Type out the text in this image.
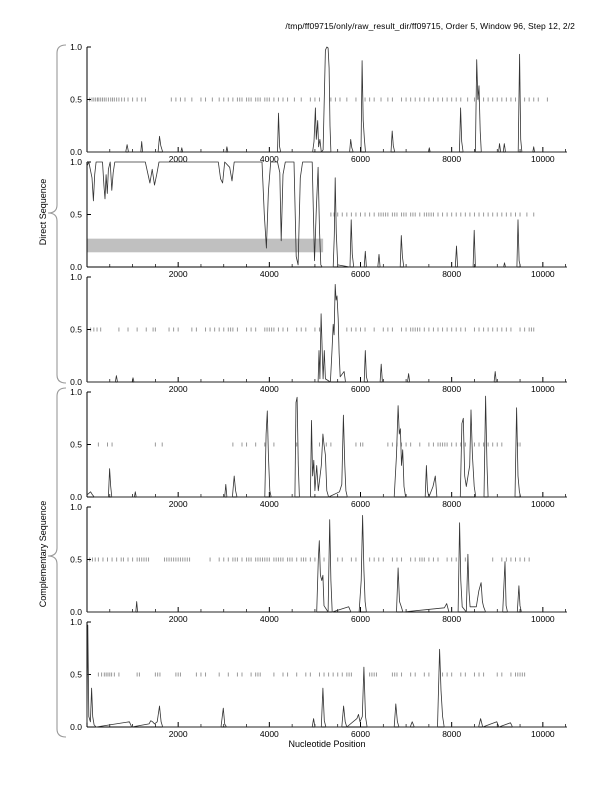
/tmp/ff09715/only/raw_result_dir/ff09715, Order 5, Window 96, Step 12, 2/2
0.0
0.5
1.0
2000	4000	6000	8000	10000
0.0
0.5
1.0
2000	4000	6000	8000	10000
0.0
0.5
1.0
2000	4000	6000	8000	10000
0.0
0.5
1.0
2000	4000	6000	8000	10000
0.0
0.5
1.0
2000	4000	6000	8000	10000
0.0
0.5
1.0
2000	4000	6000	8000	10000
Direct Sequence
Complementary Sequence
Nucleotide Position
